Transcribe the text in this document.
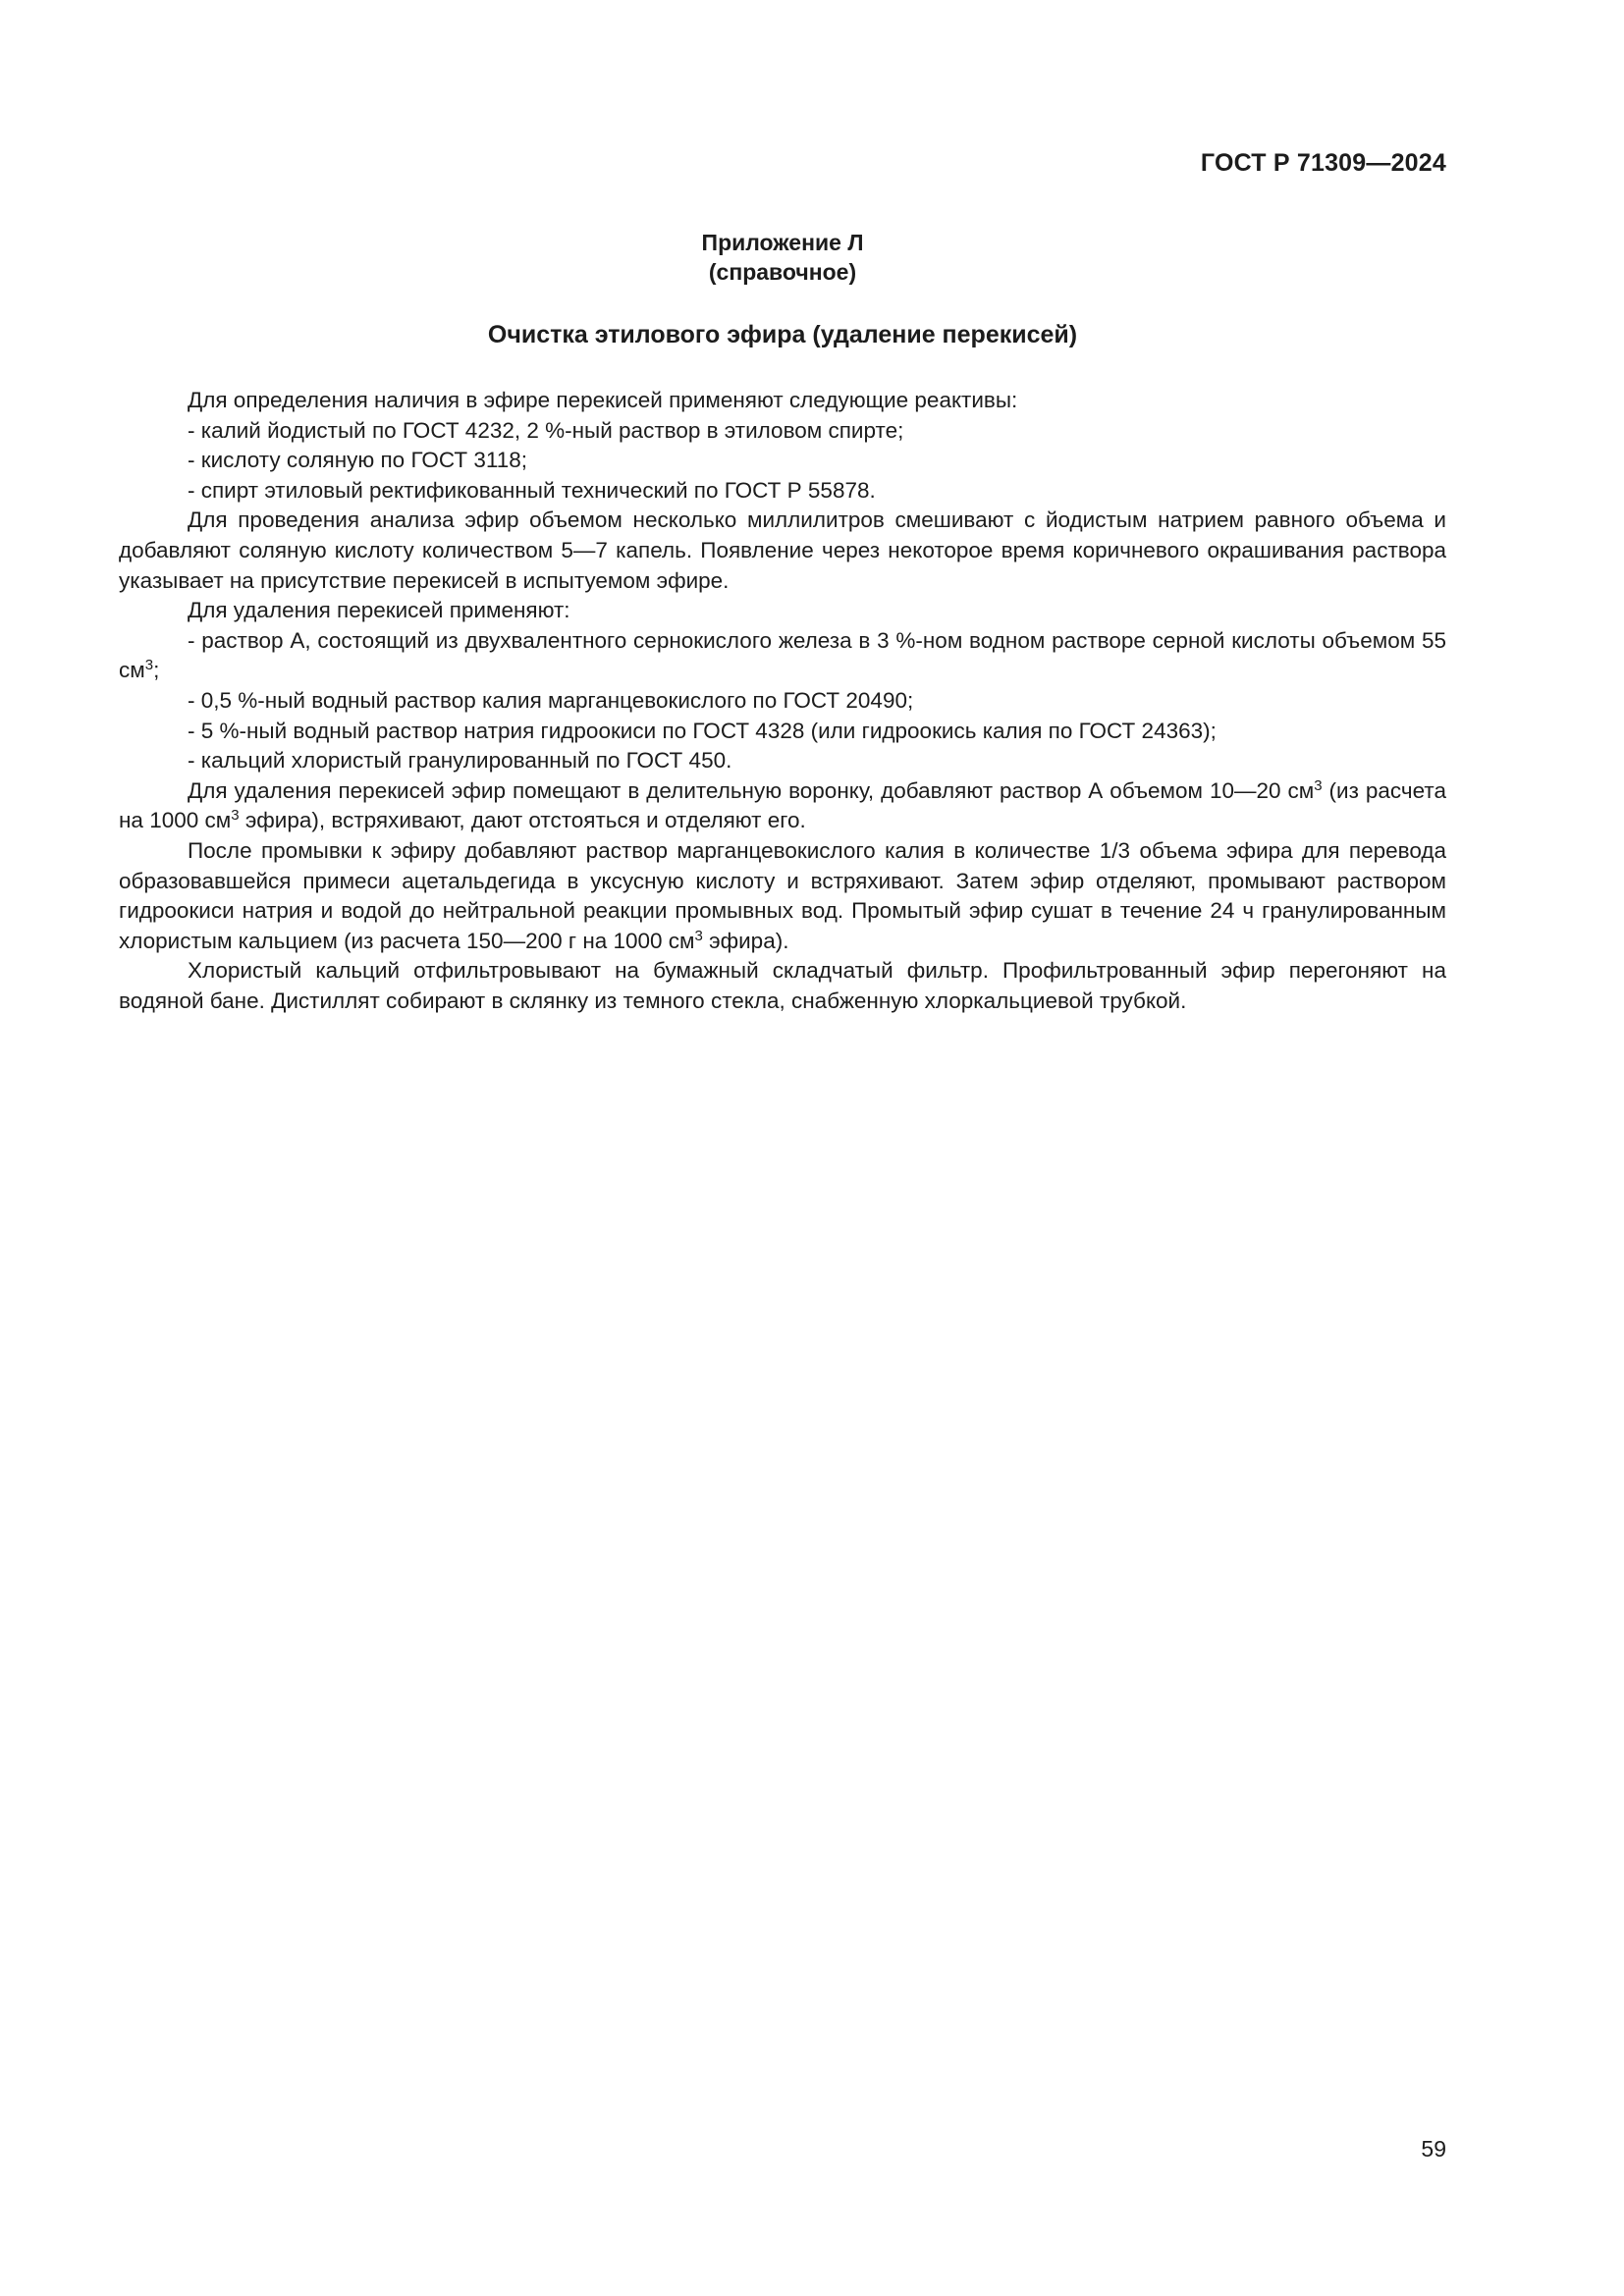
ГОСТ Р 71309—2024
Приложение Л
(справочное)
Очистка этилового эфира (удаление перекисей)

Для определения наличия в эфире перекисей применяют следующие реактивы:

- калий йодистый по ГОСТ 4232, 2 %-ный раствор в этиловом спирте;

- кислоту соляную по ГОСТ 3118;

- спирт этиловый ректификованный технический по ГОСТ Р 55878.

Для проведения анализа эфир объемом несколько миллилитров смешивают с йодистым натрием равного объема и добавляют соляную кислоту количеством 5—7 капель. Появление через некоторое время коричневого окрашивания раствора указывает на присутствие перекисей в испытуемом эфире.

Для удаления перекисей применяют:

- раствор А, состоящий из двухвалентного сернокислого железа в 3 %-ном водном растворе серной кислоты объемом 55 $см^3$;

- 0,5 %-ный водный раствор калия марганцевокислого по ГОСТ 20490;

- 5 %-ный водный раствор натрия гидроокиси по ГОСТ 4328 (или гидроокись калия по ГОСТ 24363);

- кальций хлористый гранулированный по ГОСТ 450.

Для удаления перекисей эфир помещают в делительную воронку, добавляют раствор А объемом 10—20 $см^3$ (из расчета на 1000 $см^3$ эфира), встряхивают, дают отстояться и отделяют его.

После промывки к эфиру добавляют раствор марганцевокислого калия в количестве 1/3 объема эфира для перевода образовавшейся примеси ацетальдегида в уксусную кислоту и встряхивают. Затем эфир отделяют, промывают раствором гидроокиси натрия и водой до нейтральной реакции промывных вод. Промытый эфир сушат в течение 24 ч гранулированным хлористым кальцием (из расчета 150—200 г на 1000 $см^3$ эфира).

Хлористый кальций отфильтровывают на бумажный складчатый фильтр. Профильтрованный эфир перегоняют на водяной бане. Дистиллят собирают в склянку из темного стекла, снабженную хлоркальциевой трубкой.

59
